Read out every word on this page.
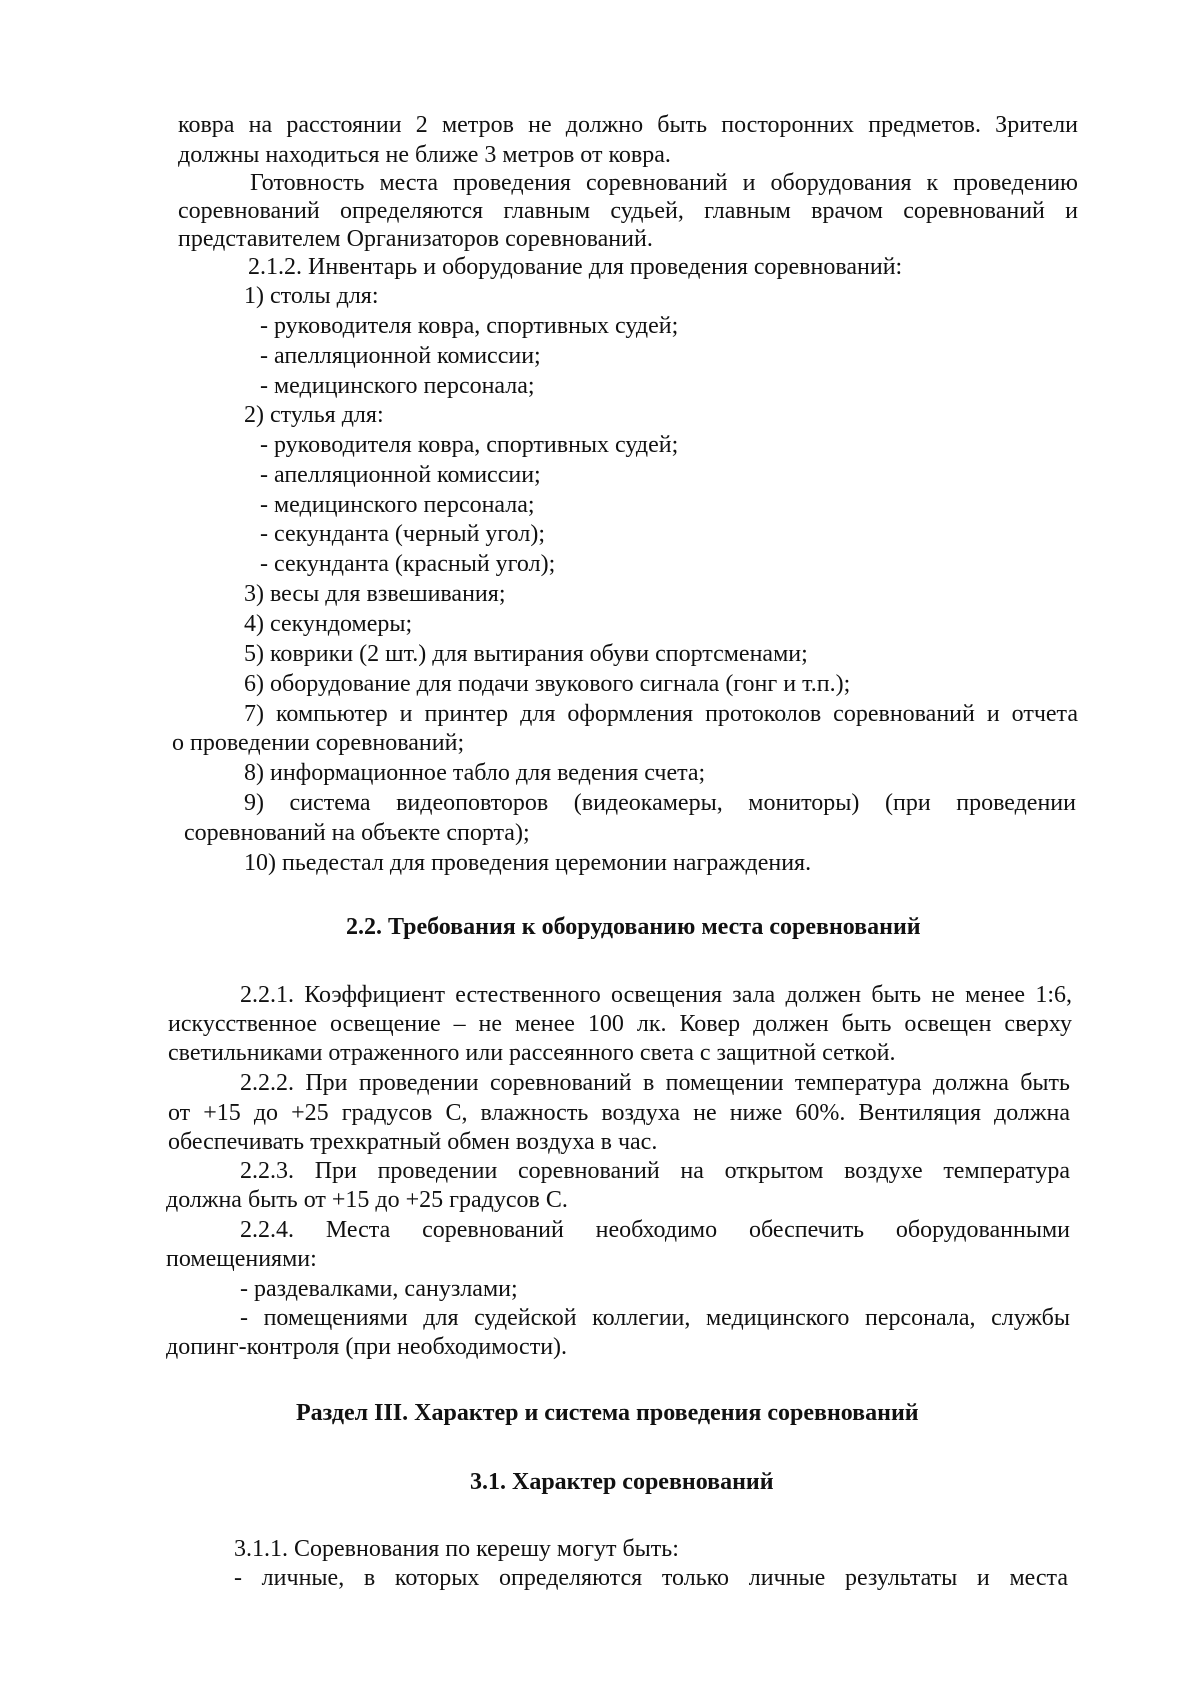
ковра на расстоянии 2 метров не должно быть посторонних предметов. Зрители
должны находиться не ближе 3 метров от ковра.
Готовность места проведения соревнований и оборудования к проведению
соревнований определяются главным судьей, главным врачом соревнований и
представителем Организаторов соревнований.
2.1.2. Инвентарь и оборудование для проведения соревнований:
1) столы для:
- руководителя ковра, спортивных судей;
- апелляционной комиссии;
- медицинского персонала;
2) стулья для:
- руководителя ковра, спортивных судей;
- апелляционной комиссии;
- медицинского персонала;
- секунданта (черный угол);
- секунданта (красный угол);
3) весы для взвешивания;
4) секундомеры;
5) коврики (2 шт.) для вытирания обуви спортсменами;
6) оборудование для подачи звукового сигнала (гонг и т.п.);
7) компьютер и принтер для оформления протоколов соревнований и отчета
о проведении соревнований;
8) информационное табло для ведения счета;
9) система видеоповторов (видеокамеры, мониторы) (при проведении
соревнований на объекте спорта);
10) пьедестал для проведения церемонии награждения.
2.2. Требования к оборудованию места соревнований
2.2.1. Коэффициент естественного освещения зала должен быть не менее 1:6,
искусственное освещение – не менее 100 лк. Ковер должен быть освещен сверху
светильниками отраженного или рассеянного света с защитной сеткой.
2.2.2. При проведении соревнований в помещении температура должна быть
от +15 до +25 градусов С, влажность воздуха не ниже 60%. Вентиляция должна
обеспечивать трехкратный обмен воздуха в час.
2.2.3. При проведении соревнований на открытом воздухе температура
должна быть от +15 до +25 градусов С.
2.2.4. Места соревнований необходимо обеспечить оборудованными
помещениями:
- раздевалками, санузлами;
- помещениями для судейской коллегии, медицинского персонала, службы
допинг-контроля (при необходимости).
Раздел III. Характер и система проведения соревнований
3.1. Характер соревнований
3.1.1. Соревнования по керешу могут быть:
- личные, в которых определяются только личные результаты и места
